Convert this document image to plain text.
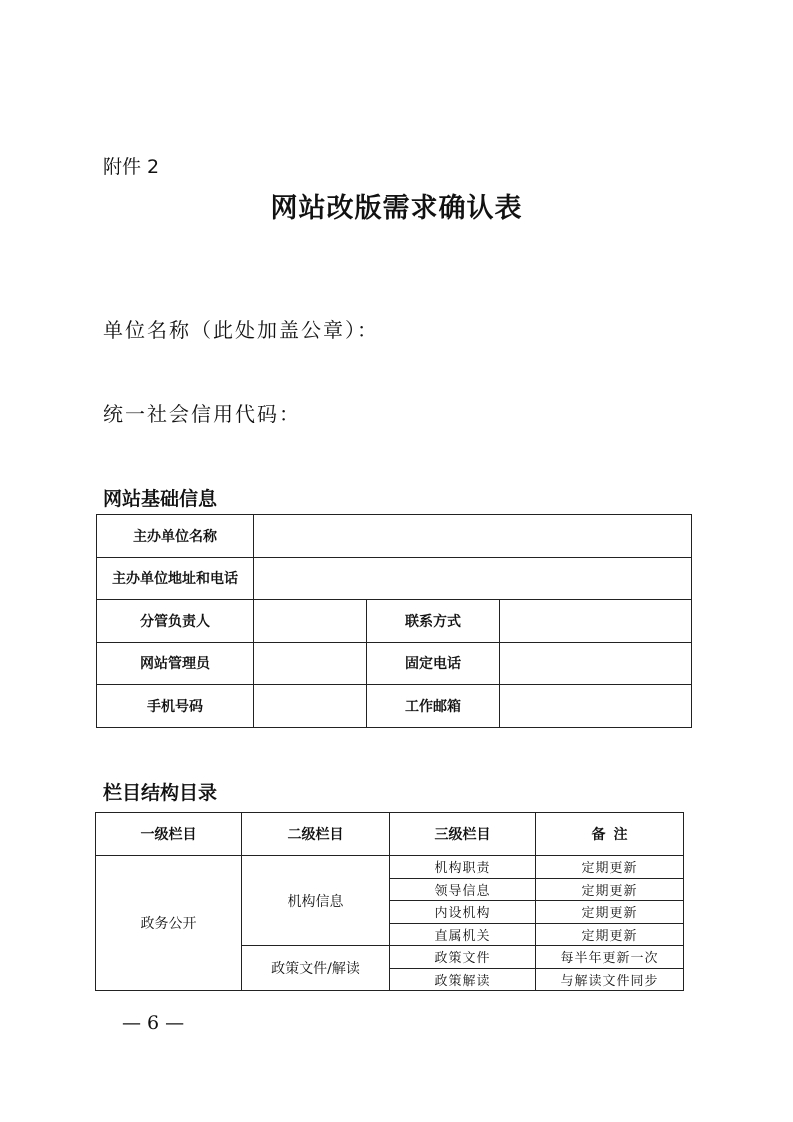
附件 2
网站改版需求确认表
单位名称（此处加盖公章）：
统一社会信用代码：
网站基础信息
主办单位名称			
主办单位地址和电话			
分管负责人		联系方式	
网站管理员		固定电话	
手机号码		工作邮箱	
栏目结构目录
一级栏目	二级栏目	三级栏目	备 注
政务公开	机构信息	机构职责	定期更新
		领导信息	定期更新
		内设机构	定期更新
		直属机关	定期更新
	政策文件/解读	政策文件	每半年更新一次
		政策解读	与解读文件同步
— 6 —
